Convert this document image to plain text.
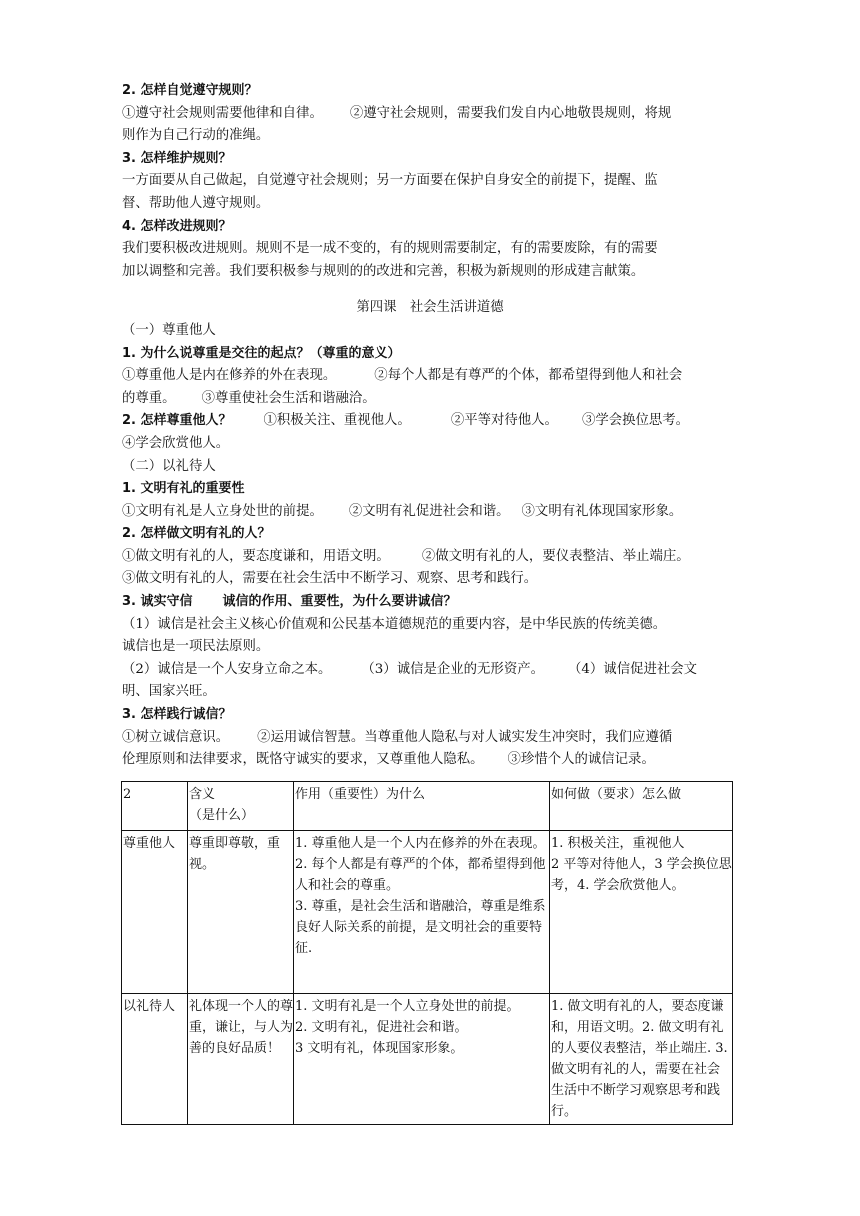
2. 怎样自觉遵守规则？
①遵守社会规则需要他律和自律。 ②遵守社会规则，需要我们发自内心地敬畏规则，将规
则作为自己行动的准绳。
3. 怎样维护规则？
一方面要从自己做起，自觉遵守社会规则；另一方面要在保护自身安全的前提下，提醒、监
督、帮助他人遵守规则。
4. 怎样改进规则？
我们要积极改进规则。规则不是一成不变的，有的规则需要制定，有的需要废除，有的需要
加以调整和完善。我们要积极参与规则的的改进和完善，积极为新规则的形成建言献策。
第四课　社会生活讲道德
（一）尊重他人
1. 为什么说尊重是交往的起点？（尊重的意义）
①尊重他人是内在修养的外在表现。	②每个人都是有尊严的个体，都希望得到他人和社会
的尊重。 ③尊重使社会生活和谐融洽。
2. 怎样尊重他人？ ①积极关注、重视他人。	②平等对待他人。 ③学会换位思考。
④学会欣赏他人。
（二）以礼待人
1. 文明有礼的重要性
①文明有礼是人立身处世的前提。 ②文明有礼促进社会和谐。 ③文明有礼体现国家形象。
2. 怎样做文明有礼的人？
①做文明有礼的人，要态度谦和，用语文明。 ②做文明有礼的人，要仪表整洁、举止端庄。
③做文明有礼的人，需要在社会生活中不断学习、观察、思考和践行。
3. 诚实守信 诚信的作用、重要性，为什么要讲诚信？
（1）诚信是社会主义核心价值观和公民基本道德规范的重要内容，是中华民族的传统美德。
诚信也是一项民法原则。
（2）诚信是一个人安身立命之本。 （3）诚信是企业的无形资产。 （4）诚信促进社会文
明、国家兴旺。
3. 怎样践行诚信？
①树立诚信意识。 ②运用诚信智慧。当尊重他人隐私与对人诚实发生冲突时，我们应遵循
伦理原则和法律要求，既恪守诚实的要求，又尊重他人隐私。 ③珍惜个人的诚信记录。
2	含义
（是什么）	作用（重要性）为什么	如何做（要求）怎么做

尊重他人	尊重即尊敬，重视。	1. 尊重他人是一个人内在修养的外在表现。
2. 每个人都是有尊严的个体，都希望得到他人和社会的尊重。
3. 尊重，是社会生活和谐融洽，尊重是维系良好人际关系的前提，是文明社会的重要特征.	1. 积极关注，重视他人
2 平等对待他人，3 学会换位思考，4. 学会欣赏他人。

以礼待人	礼体现一个人的尊重，谦让，与人为善的良好品质！	1. 文明有礼是一个人立身处世的前提。
2. 文明有礼，促进社会和谐。
3 文明有礼，体现国家形象。	1. 做文明有礼的人，要态度谦和，用语文明。2. 做文明有礼的人要仪表整洁，举止端庄. 3. 做文明有礼的人，需要在社会生活中不断学习观察思考和践行。
